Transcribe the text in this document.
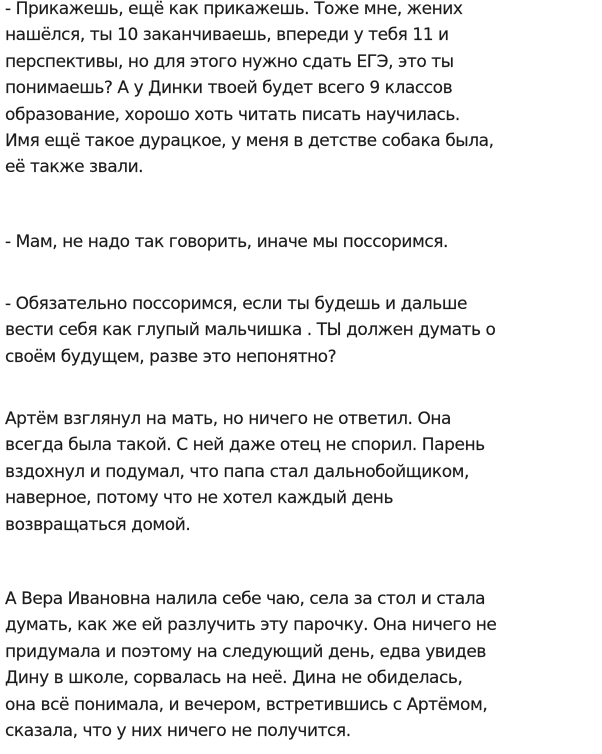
- Прикажешь, ещё как прикажешь. Тоже мне, жених
нашёлся, ты 10 заканчиваешь, впереди у тебя 11 и
перспективы, но для этого нужно сдать ЕГЭ, это ты
понимаешь? А у Динки твоей будет всего 9 классов
образование, хорошо хоть читать писать научилась.
Имя ещё такое дурацкое, у меня в детстве собака была,
её также звали.

- Мам, не надо так говорить, иначе мы поссоримся.

- Обязательно поссоримся, если ты будешь и дальше
вести себя как глупый мальчишка . ТЫ должен думать о
своём будущем, разве это непонятно?

Артём взглянул на мать, но ничего не ответил. Она
всегда была такой. С ней даже отец не спорил. Парень
вздохнул и подумал, что папа стал дальнобойщиком,
наверное, потому что не хотел каждый день
возвращаться домой.

А Вера Ивановна налила себе чаю, села за стол и стала
думать, как же ей разлучить эту парочку. Она ничего не
придумала и поэтому на следующий день, едва увидев
Дину в школе, сорвалась на неё. Дина не обиделась,
она всё понимала, и вечером, встретившись с Артёмом,
сказала, что у них ничего не получится.
